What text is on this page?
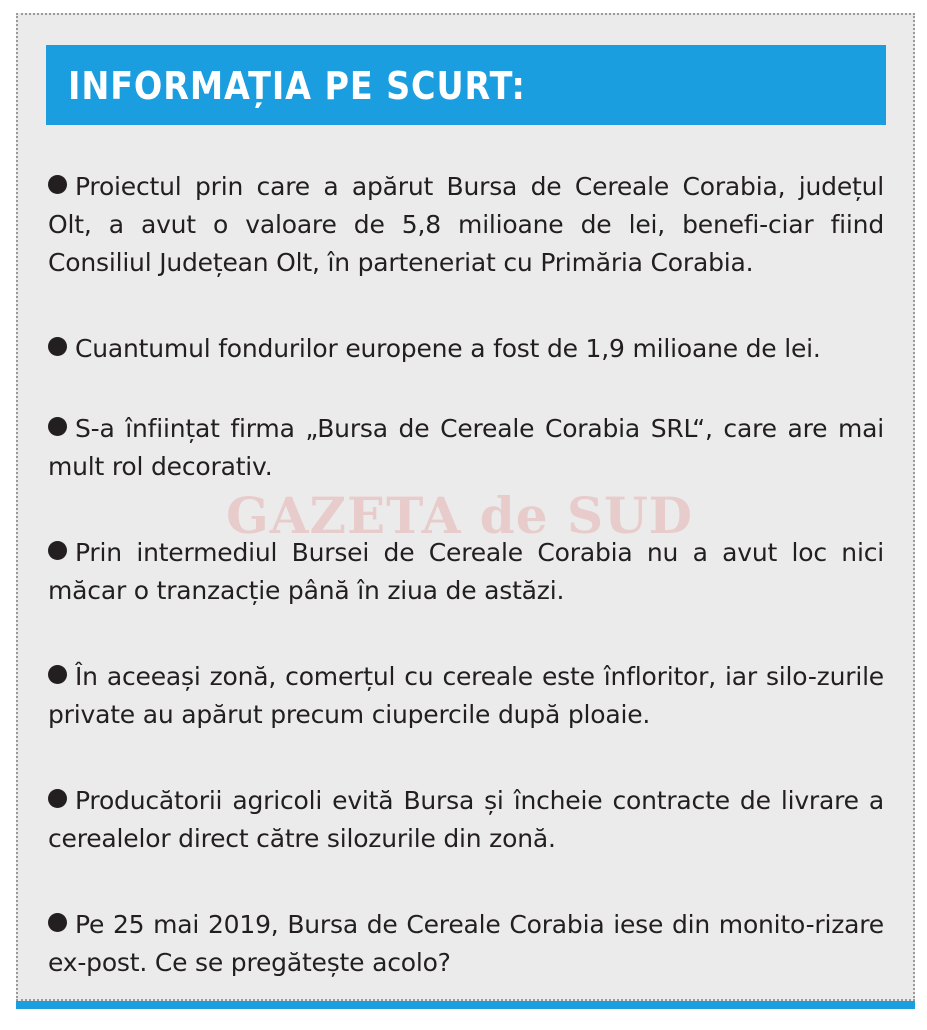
INFORMAȚIA PE SCURT:

Proiectul prin care a apărut Bursa de Cereale Corabia, județul Olt, a avut o valoare de 5,8 milioane de lei, benefi-ciar fiind Consiliul Județean Olt, în parteneriat cu Primăria Corabia.

Cuantumul fondurilor europene a fost de 1,9 milioane de lei.

S-a înființat firma „Bursa de Cereale Corabia SRL“, care are mai mult rol decorativ.

Prin intermediul Bursei de Cereale Corabia nu a avut loc nici măcar o tranzacție până în ziua de astăzi.

În aceeași zonă, comerțul cu cereale este înfloritor, iar silo-zurile private au apărut precum ciupercile după ploaie.

Producătorii agricoli evită Bursa și încheie contracte de livrare a cerealelor direct către silozurile din zonă.

Pe 25 mai 2019, Bursa de Cereale Corabia iese din monito-rizare ex-post. Ce se pregătește acolo?
